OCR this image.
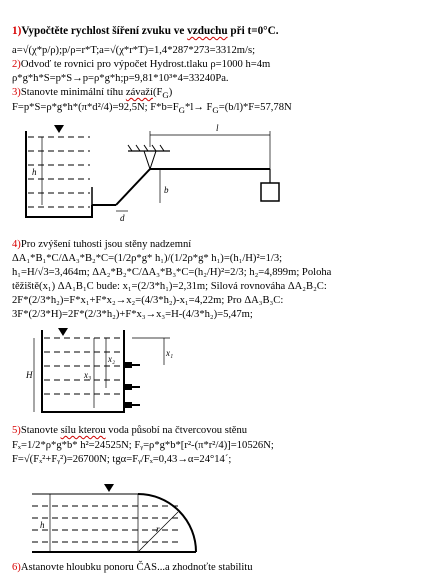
1)Vypočtěte rychlost šíření zvuku ve vzduchu při t=0°C.
a=√(χ*p/ρ);p/ρ=r*T;a=√(χ*r*T)=1,4*287*273=3312m/s;
2)Odvoď te rovnici pro výpočet Hydrost.tlaku ρ=1000 h=4m
ρ*g*h*S=p*S→p=ρ*g*h;p=9,81*10³*4=33240Pa.
3)Stanovte minimální tíhu $závaží(F_G)$
F=p*S=ρ*g*h*(π*d²/4)=92,5N; $F*b=F_G*l\to F_G=(b/l)*F=57,78N$
h
l
b
d
4)Pro zvýšení tuhosti jsou stěny nadzemní
ΔA₁*B₁*C/ΔA₃*B₂*C=(1/2ρ*g* h₁)/(1/2ρ*g* h₁)=(h₁/H)²=1/3;
h₁=H/√3=3,464m; ΔA₂*B₂*C/ΔA₃*B₃*C=(h₂/H)²=2/3; h₂=4,899m; Poloha
těžiště(x₁) ΔA₁B₁C bude: x₁=(2/3*h₁)=2,31m; Silová rovnováha ΔA₂B₂C:
2F*(2/3*h₂)=F*x₁+F*x₂→x₂=(4/3*h₂)-x₁=4,22m; Pro ΔA₃B₃C:
3F*(2/3*H)=2F*(2/3*h₂)+F*x₃→x₃=H-(4/3*h₂)=5,47m;
H	x₃
x₂
x₁
5)Stanovte sílu kterou voda působí na čtvercovou stěnu
Fₓ=1/2*ρ*g*b* h²=24525N; Fᵧ=ρ*g*b*[r²-(π*r²/4)]=10526N;
F=√(Fₓ²+Fᵧ²)=26700N; tgα=Fᵧ/Fₓ=0,43→α=24°14´;
r
h
6)Astanovte hloubku ponoru ČAS...a zhodnoťte stabilitu
